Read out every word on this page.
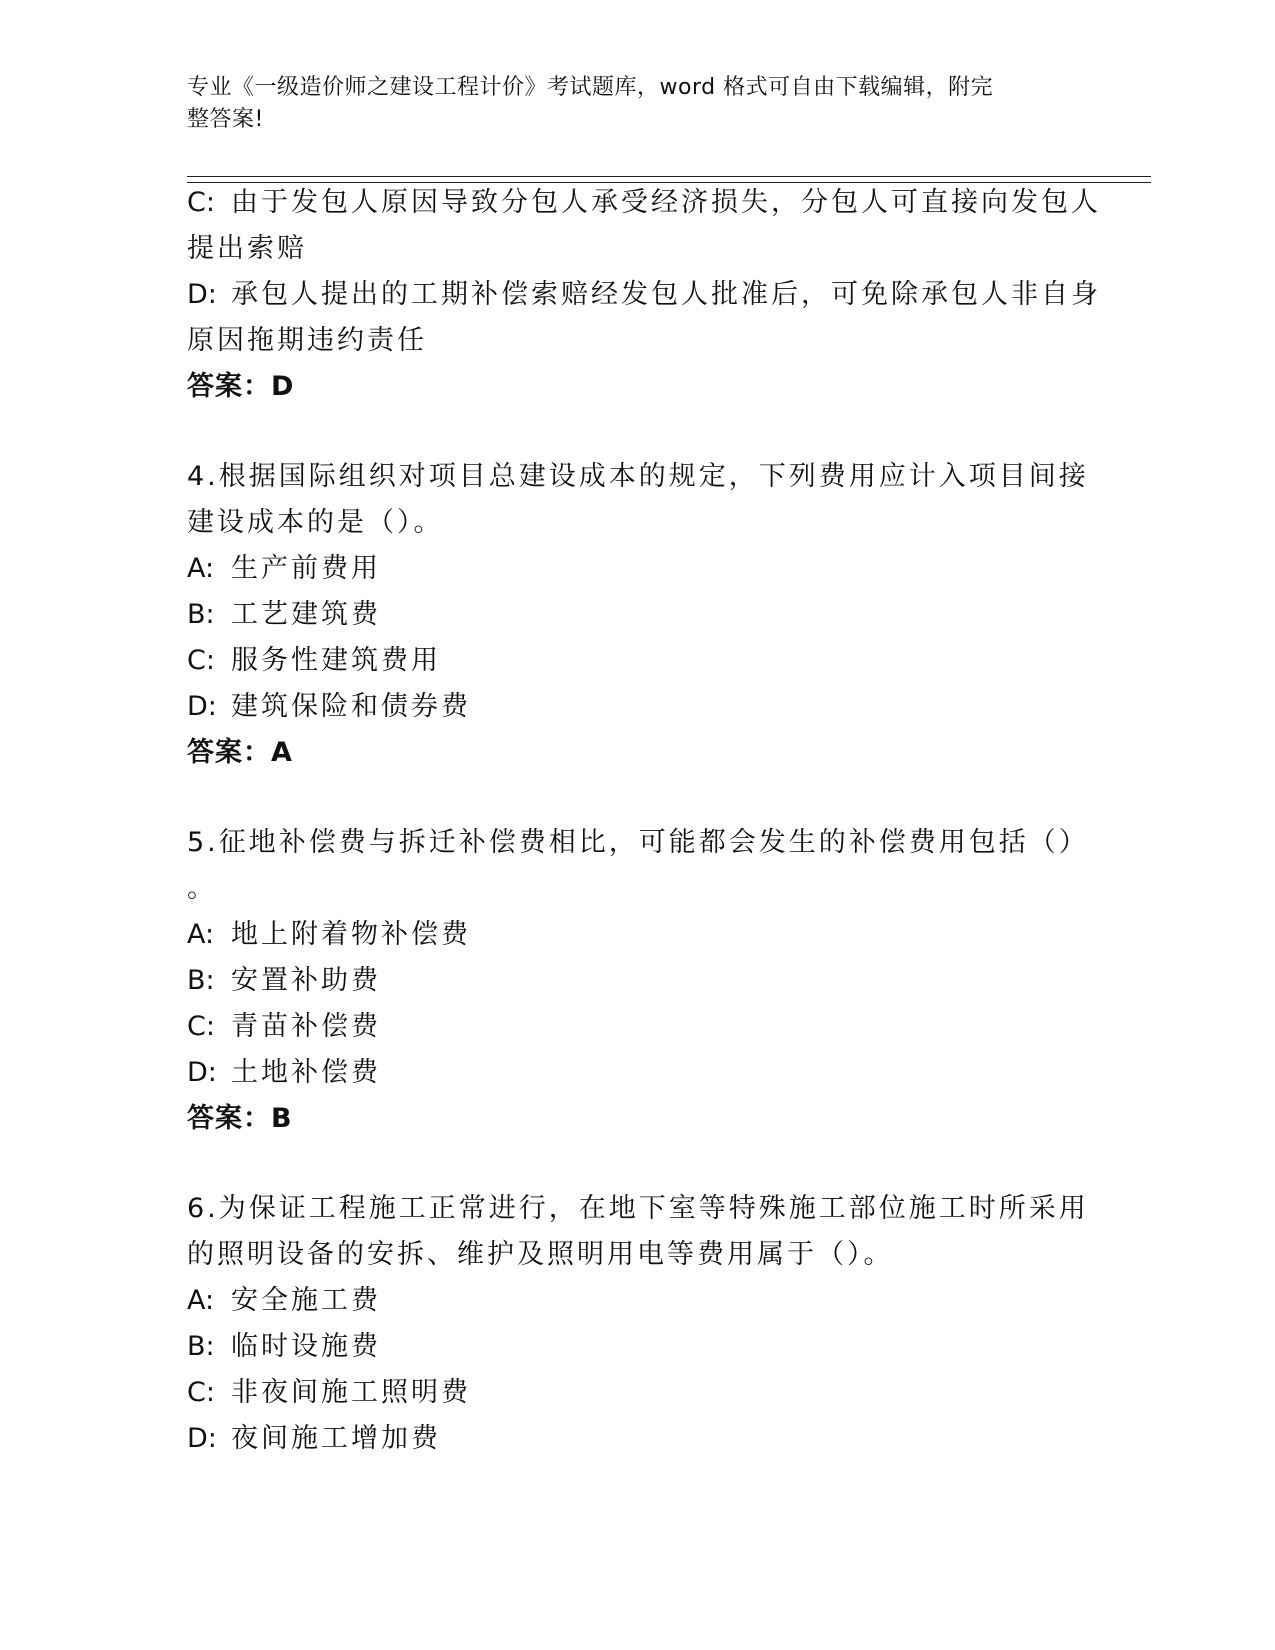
专业《一级造价师之建设工程计价》考试题库，word 格式可自由下载编辑，附完
整答案!
C: 由于发包人原因导致分包人承受经济损失，分包人可直接向发包人
提出索赔
D: 承包人提出的工期补偿索赔经发包人批准后，可免除承包人非自身
原因拖期违约责任
答案：D
4.根据国际组织对项目总建设成本的规定，下列费用应计入项目间接
建设成本的是（）。
A: 生产前费用
B: 工艺建筑费
C: 服务性建筑费用
D: 建筑保险和债券费
答案：A
5.征地补偿费与拆迁补偿费相比，可能都会发生的补偿费用包括（）
。
A: 地上附着物补偿费
B: 安置补助费
C: 青苗补偿费
D: 土地补偿费
答案：B
6.为保证工程施工正常进行，在地下室等特殊施工部位施工时所采用
的照明设备的安拆、维护及照明用电等费用属于（）。
A: 安全施工费
B: 临时设施费
C: 非夜间施工照明费
D: 夜间施工增加费
